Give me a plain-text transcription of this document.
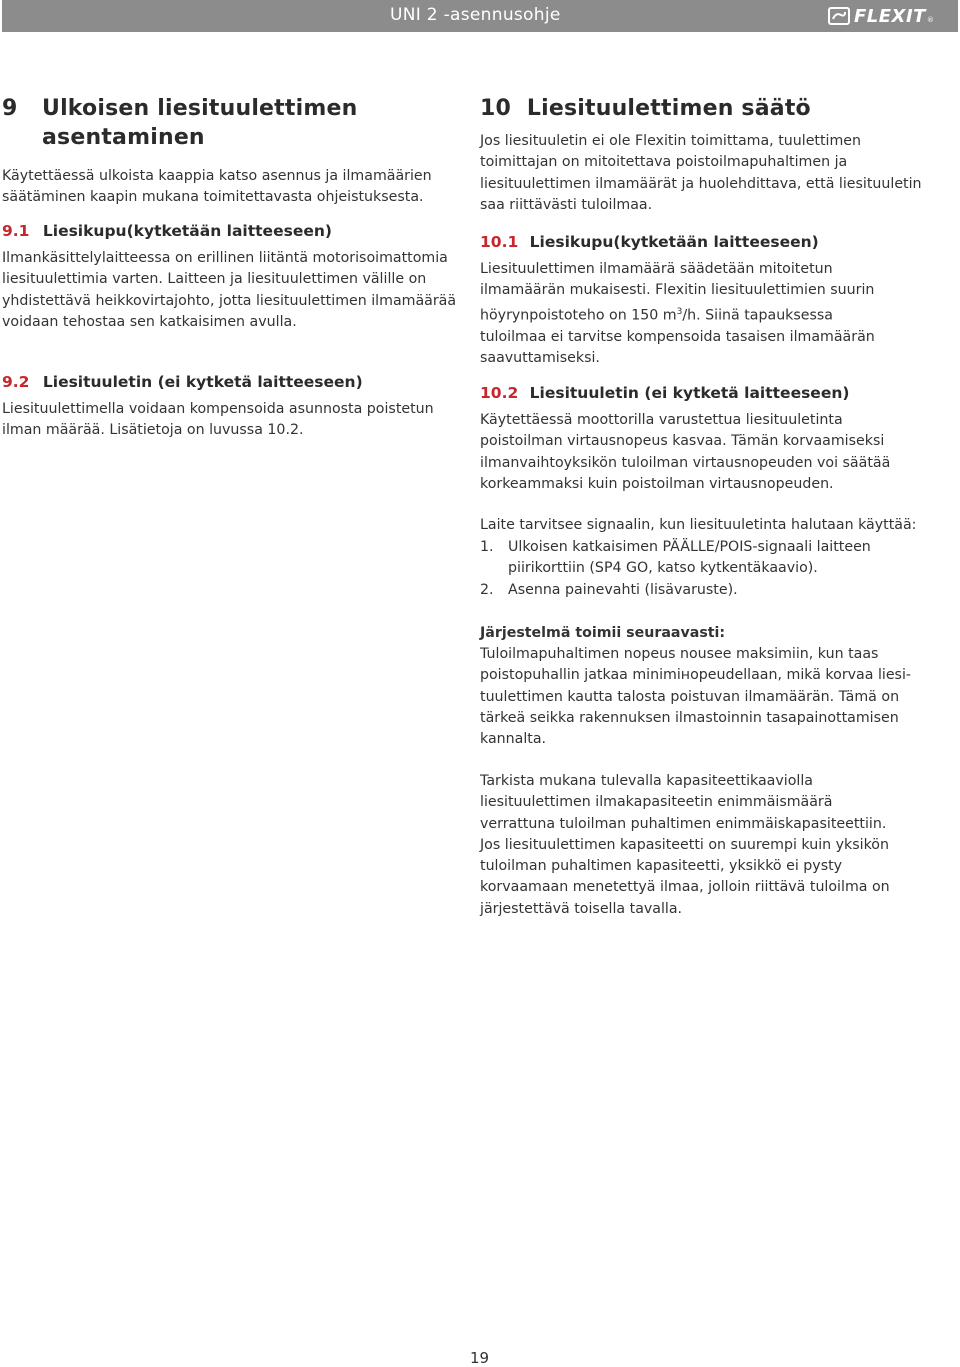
UNI 2 -asennusohje	FLEXIT ®
9 Ulkoisen liesituulettimen
asentaminen

Käytettäessä ulkoista kaappia katso asennus ja ilmamäärien säätäminen kaapin mukana toimitettavasta ohjeistuksesta.

9.1 Liesikupu(kytketään laitteeseen)

Ilmankäsittelylaitteessa on erillinen liitäntä motorisoimattomia liesituulettimia varten. Laitteen ja liesituulettimen välille on yhdistettävä heikkovirtajohto, jotta liesituulettimen ilmamäärää voidaan tehostaa sen katkaisimen avulla.

9.2 Liesituuletin (ei kytketä laitteeseen)

Liesituulettimella voidaan kompensoida asunnosta poistetun ilman määrää. Lisätietoja on luvussa 10.2.

10 Liesituulettimen säätö

Jos liesituuletin ei ole Flexitin toimittama, tuulettimen toimittajan on mitoitettava poistoilmapuhaltimen ja liesituulettimen ilmamäärät ja huolehdittava, että liesituuletin saa riittävästi tuloilmaa.

10.1 Liesikupu(kytketään laitteeseen)

Liesituulettimen ilmamäärä säädetään mitoitetun ilmamäärän mukaisesti. Flexitin liesituulettimien suurin höyrynpoistoteho on 150 $m^3/h$. Siinä tapauksessa tuloilmaa ei tarvitse kompensoida tasaisen ilmamäärän saavuttamiseksi.

10.2 Liesituuletin (ei kytketä laitteeseen)

Käytettäessä moottorilla varustettua liesituuletinta poistoilman virtausnopeus kasvaa. Tämän korvaamiseksi ilmanvaihtoyksikön tuloilman virtausnopeuden voi säätää korkeammaksi kuin poistoilman virtausnopeuden.

Laite tarvitsee signaalin, kun liesituuletinta halutaan käyttää:

1.	Ulkoisen katkaisimen PÄÄLLE/POIS-signaali laitteen piirikorttiin (SP4 GO, katso kytkentäkaavio).
2.	Asenna painevahti (lisävaruste).

Järjestelmä toimii seuraavasti:

Tuloilmapuhaltimen nopeus nousee maksimiin, kun taas poistopuhallin jatkaa minimінopeudellaan, mikä korvaa liesi-tuulettimen kautta talosta poistuvan ilmamäärän. Tämä on tärkeä seikka rakennuksen ilmastoinnin tasapainottamisen kannalta.

Tarkista mukana tulevalla kapasiteettikaaviolla liesituulettimen ilmakapasiteetin enimmäismäärä verrattuna tuloilman puhaltimen enimmäiskapasiteettiin. Jos liesituulettimen kapasiteetti on suurempi kuin yksikön tuloilman puhaltimen kapasiteetti, yksikkö ei pysty korvaamaan menetettyä ilmaa, jolloin riittävä tuloilma on järjestettävä toisella tavalla.

19
